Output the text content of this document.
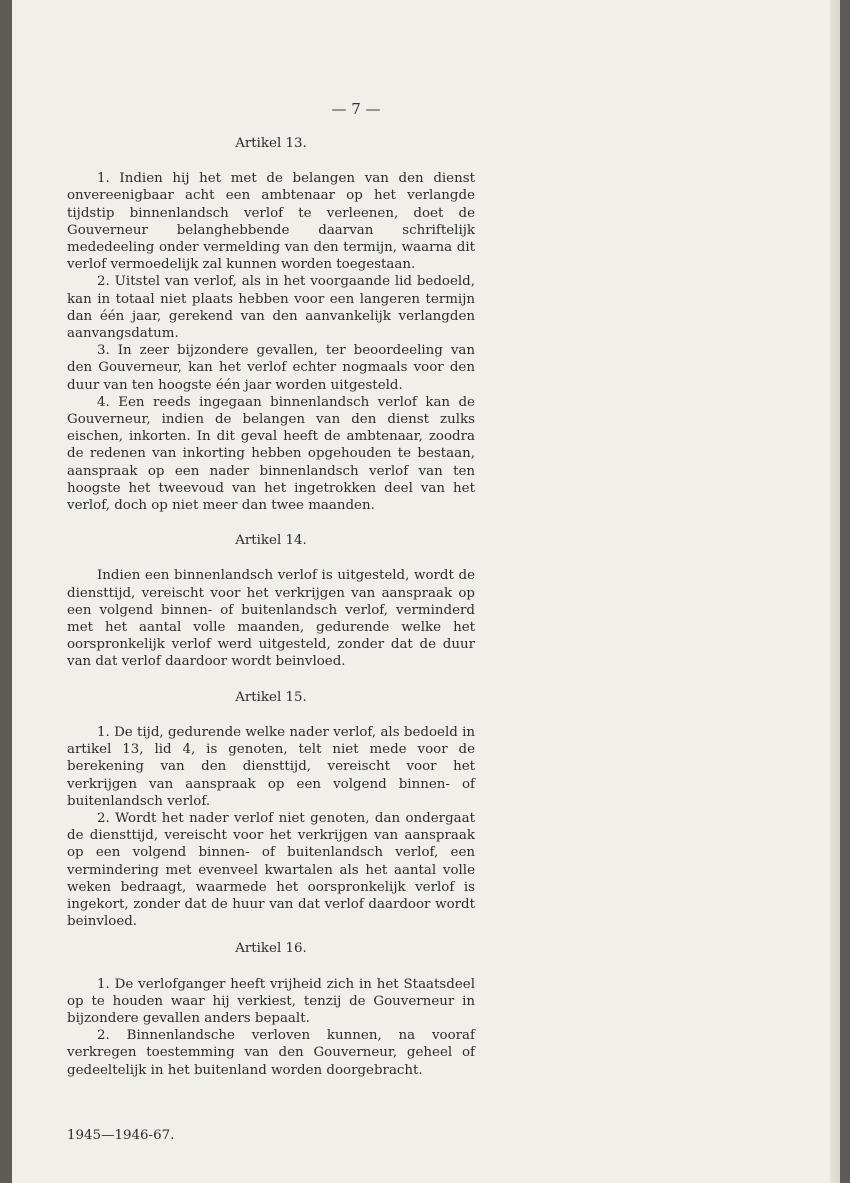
— 7 —

Artikel 13.

1. Indien hij het met de belangen van den dienst onvereenigbaar acht een ambtenaar op het verlangde tijdstip binnenlandsch verlof te verleenen, doet de Gouverneur belanghebbende daarvan schriftelijk mededeeling onder vermelding van den termijn, waarna dit verlof vermoedelijk zal kunnen worden toegestaan.

2. Uitstel van verlof, als in het voorgaande lid bedoeld, kan in totaal niet plaats hebben voor een langeren termijn dan één jaar, gerekend van den aanvankelijk verlangden aanvangsdatum.

3. In zeer bijzondere gevallen, ter beoordeeling van den Gouverneur, kan het verlof echter nogmaals voor den duur van ten hoogste één jaar worden uitgesteld.

4. Een reeds ingegaan binnenlandsch verlof kan de Gouverneur, indien de belangen van den dienst zulks eischen, inkorten. In dit geval heeft de ambtenaar, zoodra de redenen van inkorting hebben opgehouden te bestaan, aanspraak op een nader binnenlandsch verlof van ten hoogste het tweevoud van het ingetrokken deel van het verlof, doch op niet meer dan twee maanden.

Artikel 14.

Indien een binnenlandsch verlof is uitgesteld, wordt de diensttijd, vereischt voor het verkrijgen van aanspraak op een volgend binnen- of buitenlandsch verlof, verminderd met het aantal volle maanden, gedurende welke het oorspronkelijk verlof werd uitgesteld, zonder dat de duur van dat verlof daardoor wordt beinvloed.

Artikel 15.

1. De tijd, gedurende welke nader verlof, als bedoeld in artikel 13, lid 4, is genoten, telt niet mede voor de berekening van den diensttijd, vereischt voor het verkrijgen van aanspraak op een volgend binnen- of buitenlandsch verlof.

2. Wordt het nader verlof niet genoten, dan ondergaat de diensttijd, vereischt voor het verkrijgen van aanspraak op een volgend binnen- of buitenlandsch verlof, een vermindering met evenveel kwartalen als het aantal volle weken bedraagt, waarmede het oorspronkelijk verlof is ingekort, zonder dat de huur van dat verlof daardoor wordt beinvloed.

Artikel 16.

1. De verlofganger heeft vrijheid zich in het Staatsdeel op te houden waar hij verkiest, tenzij de Gouverneur in bijzondere gevallen anders bepaalt.

2. Binnenlandsche verloven kunnen, na vooraf verkregen toestemming van den Gouverneur, geheel of gedeeltelijk in het buitenland worden doorgebracht.

1945—1946-67.
